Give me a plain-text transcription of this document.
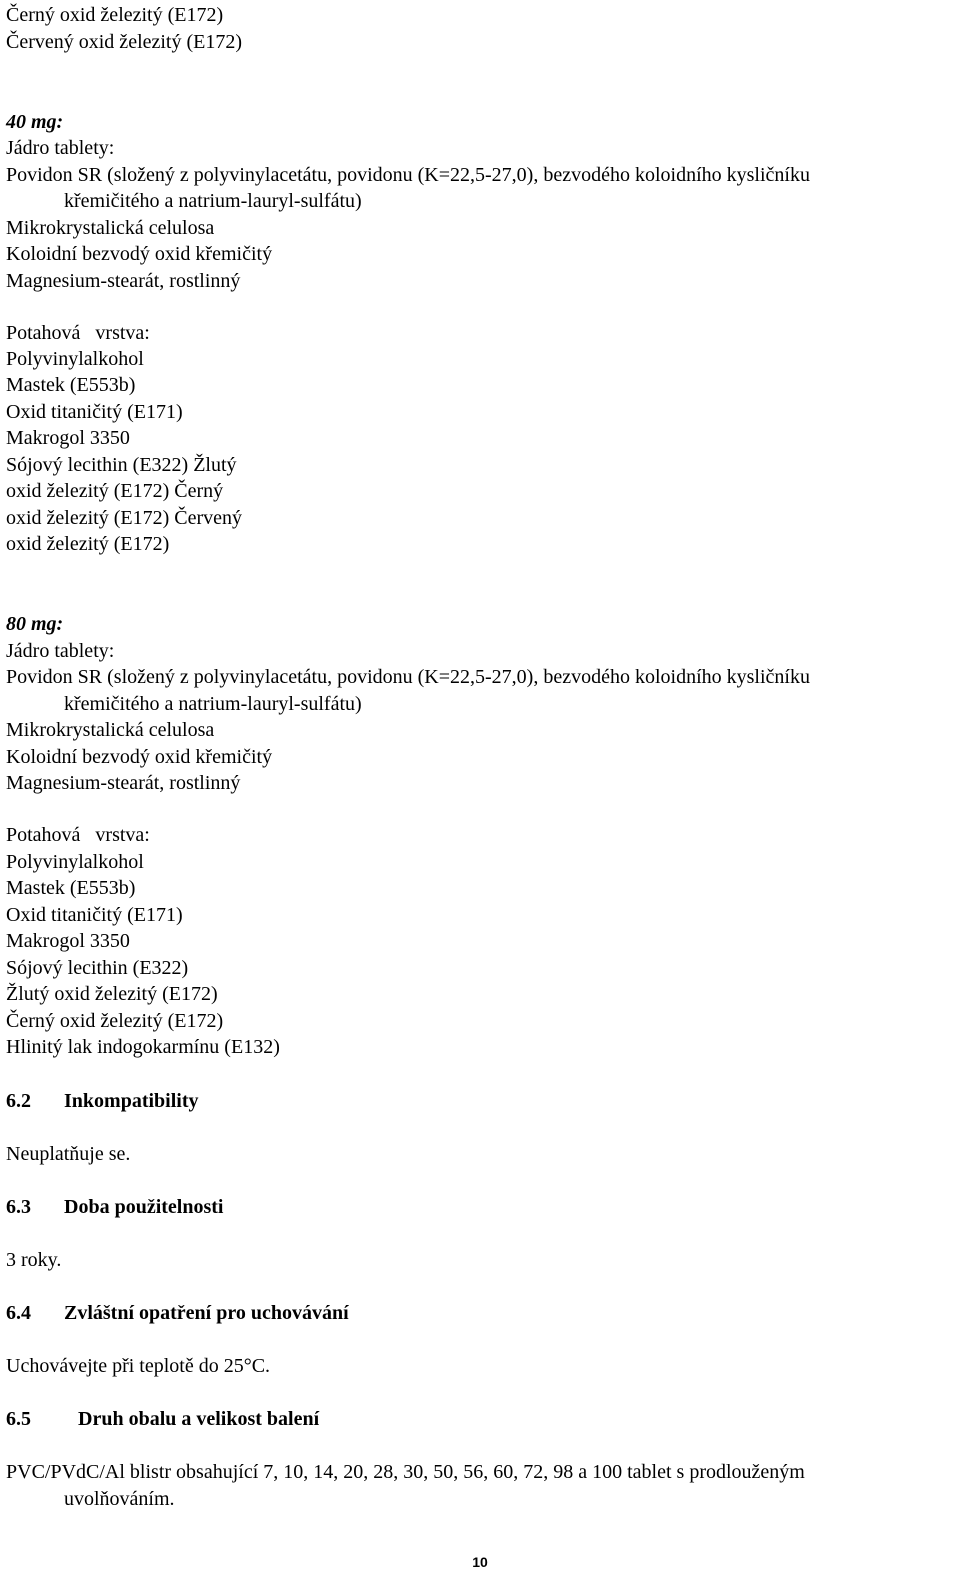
Černý oxid železitý (E172)
Červený oxid železitý (E172)
40 mg:
Jádro tablety:
Povidon SR (složený z polyvinylacetátu, povidonu (K=22,5-27,0), bezvodého koloidního kysličníku
křemičitého a natrium-lauryl-sulfátu)
Mikrokrystalická celulosa
Koloidní bezvodý oxid křemičitý
Magnesium-stearát, rostlinný
Potahová   vrstva:
Polyvinylalkohol
Mastek (E553b)
Oxid titaničitý (E171)
Makrogol 3350
Sójový lecithin (E322) Žlutý
oxid železitý (E172) Černý
oxid železitý (E172) Červený
oxid železitý (E172)
80 mg:
Jádro tablety:
Povidon SR (složený z polyvinylacetátu, povidonu (K=22,5-27,0), bezvodého koloidního kysličníku
křemičitého a natrium-lauryl-sulfátu)
Mikrokrystalická celulosa
Koloidní bezvodý oxid křemičitý
Magnesium-stearát, rostlinný
Potahová   vrstva:
Polyvinylalkohol
Mastek (E553b)
Oxid titaničitý (E171)
Makrogol 3350
Sójový lecithin (E322)
Žlutý oxid železitý (E172)
Černý oxid železitý (E172)
Hlinitý lak indogokarmínu (E132)
6.2 Inkompatibility
Neuplatňuje se.
6.3 Doba použitelnosti
3 roky.
6.4 Zvláštní opatření pro uchovávání
Uchovávejte při teplotě do 25°C.
6.5 Druh obalu a velikost balení
PVC/PVdC/Al blistr obsahující 7, 10, 14, 20, 28, 30, 50, 56, 60, 72, 98 a 100 tablet s prodlouženým
uvolňováním.
10
